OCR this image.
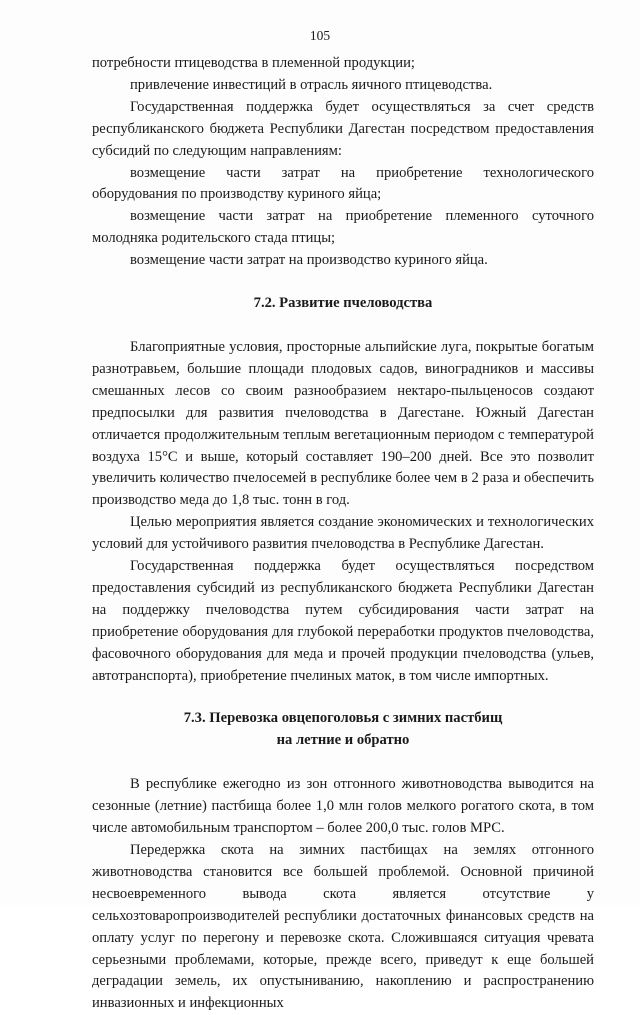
105

потребности птицеводства в племенной продукции;

привлечение инвестиций в отрасль яичного птицеводства.

Государственная поддержка будет осуществляться за счет средств республиканского бюджета Республики Дагестан посредством предоставления субсидий по следующим направлениям:

возмещение части затрат на приобретение технологического оборудования по производству куриного яйца;

возмещение части затрат на приобретение племенного суточного молодняка родительского стада птицы;

возмещение части затрат на производство куриного яйца.

7.2. Развитие пчеловодства

Благоприятные условия, просторные альпийские луга, покрытые богатым разнотравьем, большие площади плодовых садов, виноградников и массивы смешанных лесов со своим разнообразием нектаро-пыльценосов создают предпосылки для развития пчеловодства в Дагестане. Южный Дагестан отличается продолжительным теплым вегетационным периодом с температурой воздуха 15°С и выше, который составляет 190–200 дней. Все это позволит увеличить количество пчелосемей в республике более чем в 2 раза и обеспечить производство меда до 1,8 тыс. тонн в год.

Целью мероприятия является создание экономических и технологических условий для устойчивого развития пчеловодства в Республике Дагестан.

Государственная поддержка будет осуществляться посредством предоставления субсидий из республиканского бюджета Республики Дагестан на поддержку пчеловодства путем субсидирования части затрат на приобретение оборудования для глубокой переработки продуктов пчеловодства, фасовочного оборудования для меда и прочей продукции пчеловодства (ульев, автотранспорта), приобретение пчелиных маток, в том числе импортных.

7.3. Перевозка овцепоголовья с зимних пастбищ
на летние и обратно

В республике ежегодно из зон отгонного животноводства выводится на сезонные (летние) пастбища более 1,0 млн голов мелкого рогатого скота, в том числе автомобильным транспортом – более 200,0 тыс. голов МРС.

Передержка скота на зимних пастбищах на землях отгонного животноводства становится все большей проблемой. Основной причиной несвоевременного вывода скота является отсутствие у сельхозтоваропроизводителей республики достаточных финансовых средств на оплату услуг по перегону и перевозке скота. Сложившаяся ситуация чревата серьезными проблемами, которые, прежде всего, приведут к еще большей деградации земель, их опустыниванию, накоплению и распространению инвазионных и инфекционных
